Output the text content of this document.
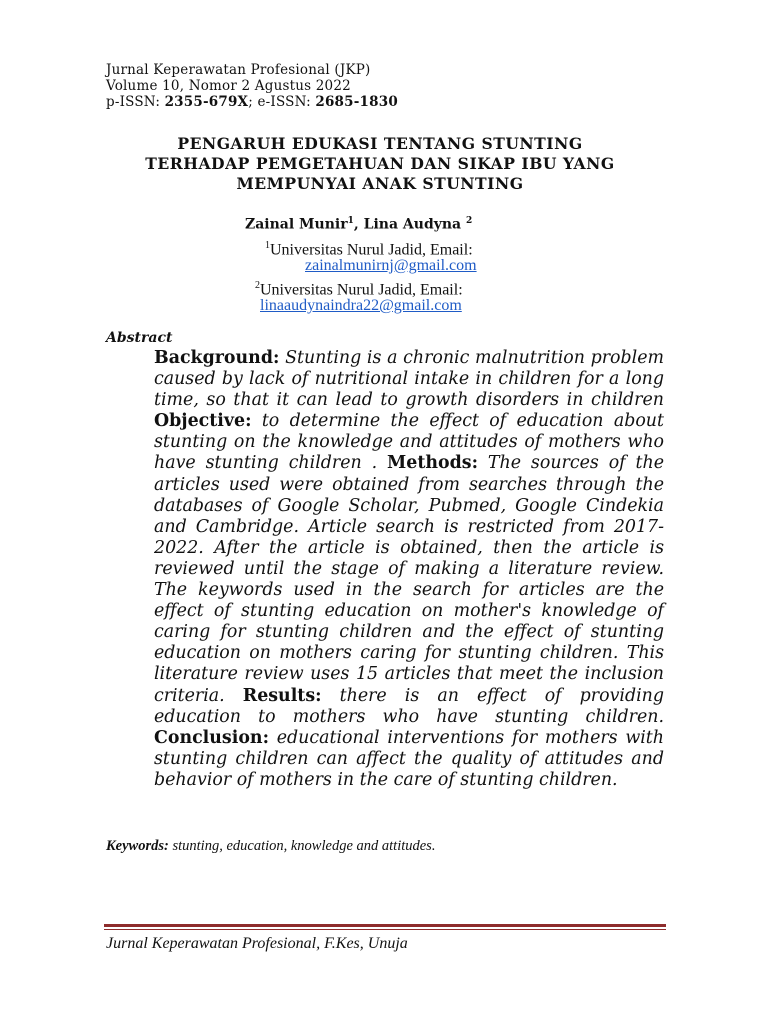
Jurnal Keperawatan Profesional (JKP)
Volume 10, Nomor 2 Agustus 2022
p-ISSN: 2355-679X; e-ISSN: 2685-1830
PENGARUH EDUKASI TENTANG STUNTING
TERHADAP PEMGETAHUAN DAN SIKAP IBU YANG
MEMPUNYAI ANAK STUNTING
Zainal Munir$^1$, Lina Audyna $^2$
$^1$Universitas Nurul Jadid, Email:
zainalmunirnj@gmail.com
$^2$Universitas Nurul Jadid, Email:
linaaudynaindra22@gmail.com
Abstract
Background: Stunting is a chronic malnutrition problem caused by lack of nutritional intake in children for a long time, so that it can lead to growth disorders in children Objective: to determine the effect of education about stunting on the knowledge and attitudes of mothers who have stunting children . Methods: The sources of the articles used were obtained from searches through the databases of Google Scholar, Pubmed, Google Cindekia and Cambridge. Article search is restricted from 2017-2022. After the article is obtained, then the article is reviewed until the stage of making a literature review. The keywords used in the search for articles are the effect of stunting education on mother's knowledge of caring for stunting children and the effect of stunting education on mothers caring for stunting children. This literature review uses 15 articles that meet the inclusion criteria. Results: there is an effect of providing education to mothers who have stunting children. Conclusion: educational interventions for mothers with stunting children can affect the quality of attitudes and behavior of mothers in the care of stunting children.
Keywords: stunting, education, knowledge and attitudes.
Jurnal Keperawatan Profesional, F.Kes, Unuja
